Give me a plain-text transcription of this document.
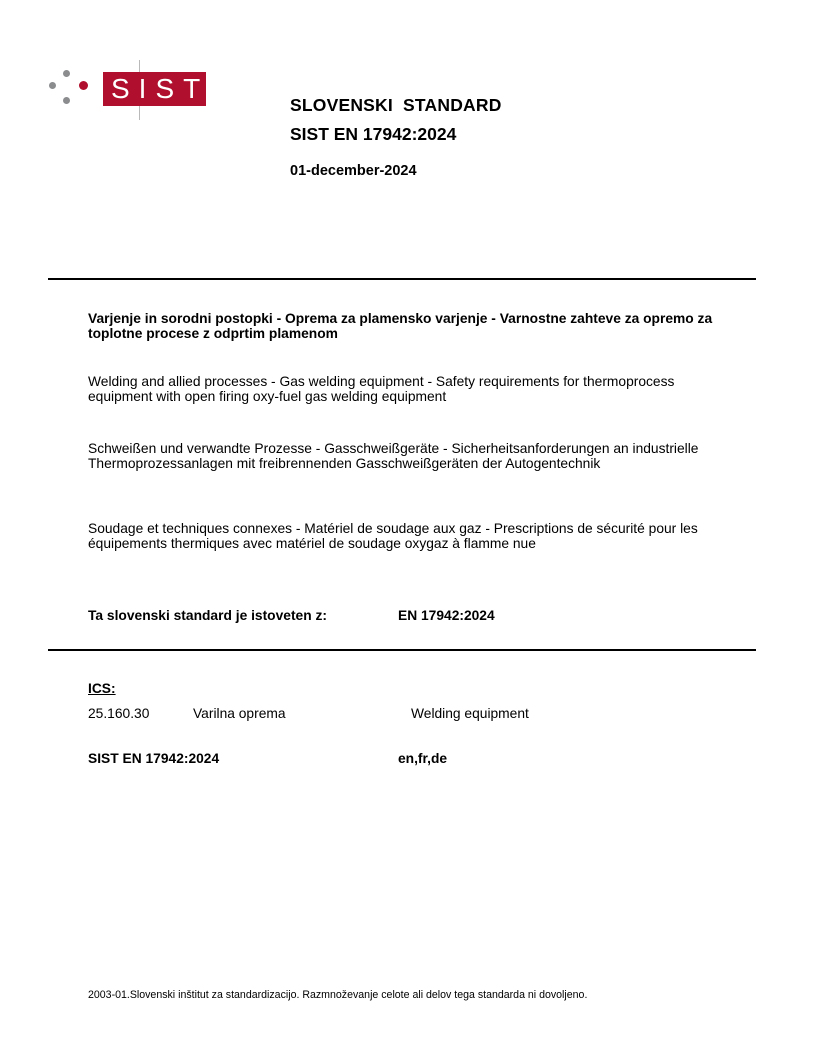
SIST
SLOVENSKI  STANDARD
SIST EN 17942:2024
01-december-2024
Varjenje in sorodni postopki - Oprema za plamensko varjenje - Varnostne zahteve za opremo za toplotne procese z odprtim plamenom
Welding and allied processes - Gas welding equipment - Safety requirements for thermoprocess equipment with open firing oxy-fuel gas welding equipment
Schweißen und verwandte Prozesse - Gasschweißgeräte - Sicherheitsanforderungen an industrielle Thermoprozessanlagen mit freibrennenden Gasschweißgeräten der Autogentechnik
Soudage et techniques connexes - Matériel de soudage aux gaz - Prescriptions de sécurité pour les équipements thermiques avec matériel de soudage oxygaz à flamme nue
Ta slovenski standard je istoveten z:	EN 17942:2024
ICS:
25.160.30	Varilna oprema	Welding equipment
SIST EN 17942:2024	en,fr,de
2003-01.Slovenski inštitut za standardizacijo. Razmnoževanje celote ali delov tega standarda ni dovoljeno.
